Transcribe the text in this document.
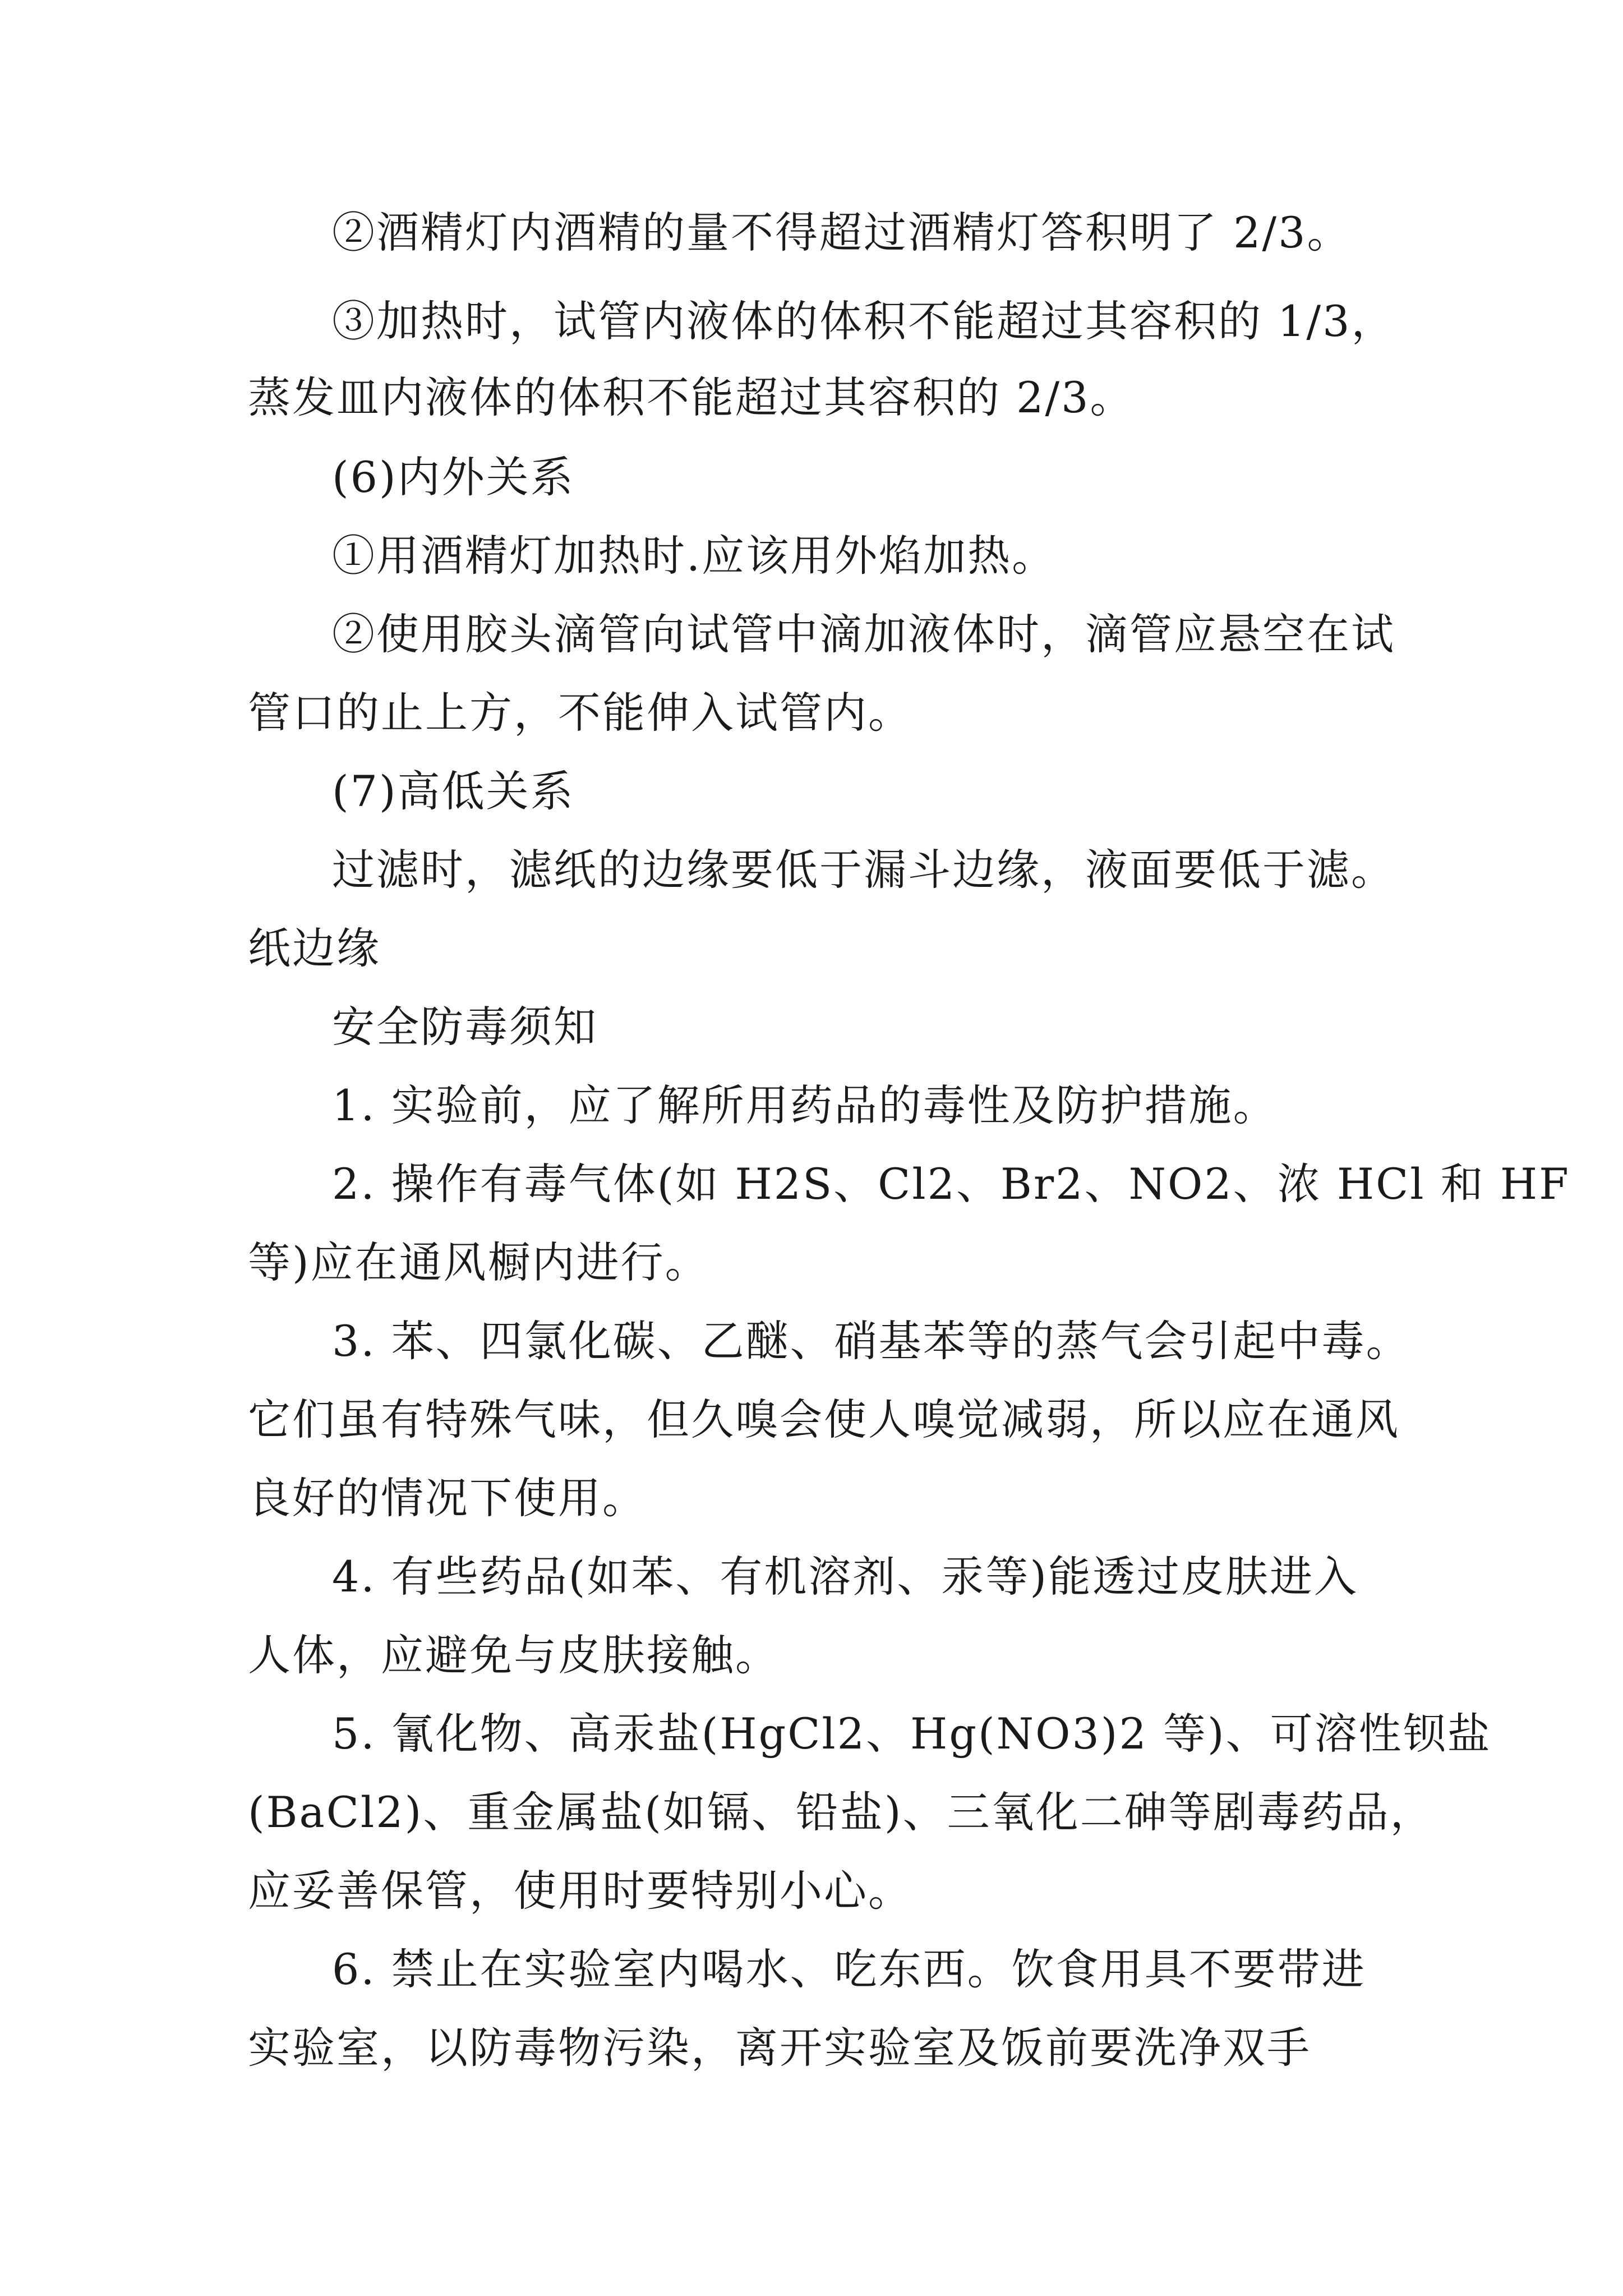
②酒精灯内酒精的量不得超过酒精灯答积明了 2/3。
③加热时，试管内液体的体积不能超过其容积的 1/3，
蒸发皿内液体的体积不能超过其容积的 2/3。
(6)内外关系
①用酒精灯加热时.应该用外焰加热。
②使用胶头滴管向试管中滴加液体时，滴管应悬空在试
管口的止上方，不能伸入试管内。
(7)高低关系
过滤时，滤纸的边缘要低于漏斗边缘，液面要低于滤。
纸边缘
安全防毒须知
1. 实验前，应了解所用药品的毒性及防护措施。
2. 操作有毒气体(如 H2S、Cl2、Br2、NO2、浓 HCl 和 HF
等)应在通风橱内进行。
3. 苯、四氯化碳、乙醚、硝基苯等的蒸气会引起中毒。
它们虽有特殊气味，但久嗅会使人嗅觉减弱，所以应在通风
良好的情况下使用。
4. 有些药品(如苯、有机溶剂、汞等)能透过皮肤进入
人体，应避免与皮肤接触。
5. 氰化物、高汞盐(HgCl2、Hg(NO3)2 等)、可溶性钡盐
(BaCl2)、重金属盐(如镉、铅盐)、三氧化二砷等剧毒药品，
应妥善保管，使用时要特别小心。
6. 禁止在实验室内喝水、吃东西。饮食用具不要带进
实验室，以防毒物污染，离开实验室及饭前要洗净双手
